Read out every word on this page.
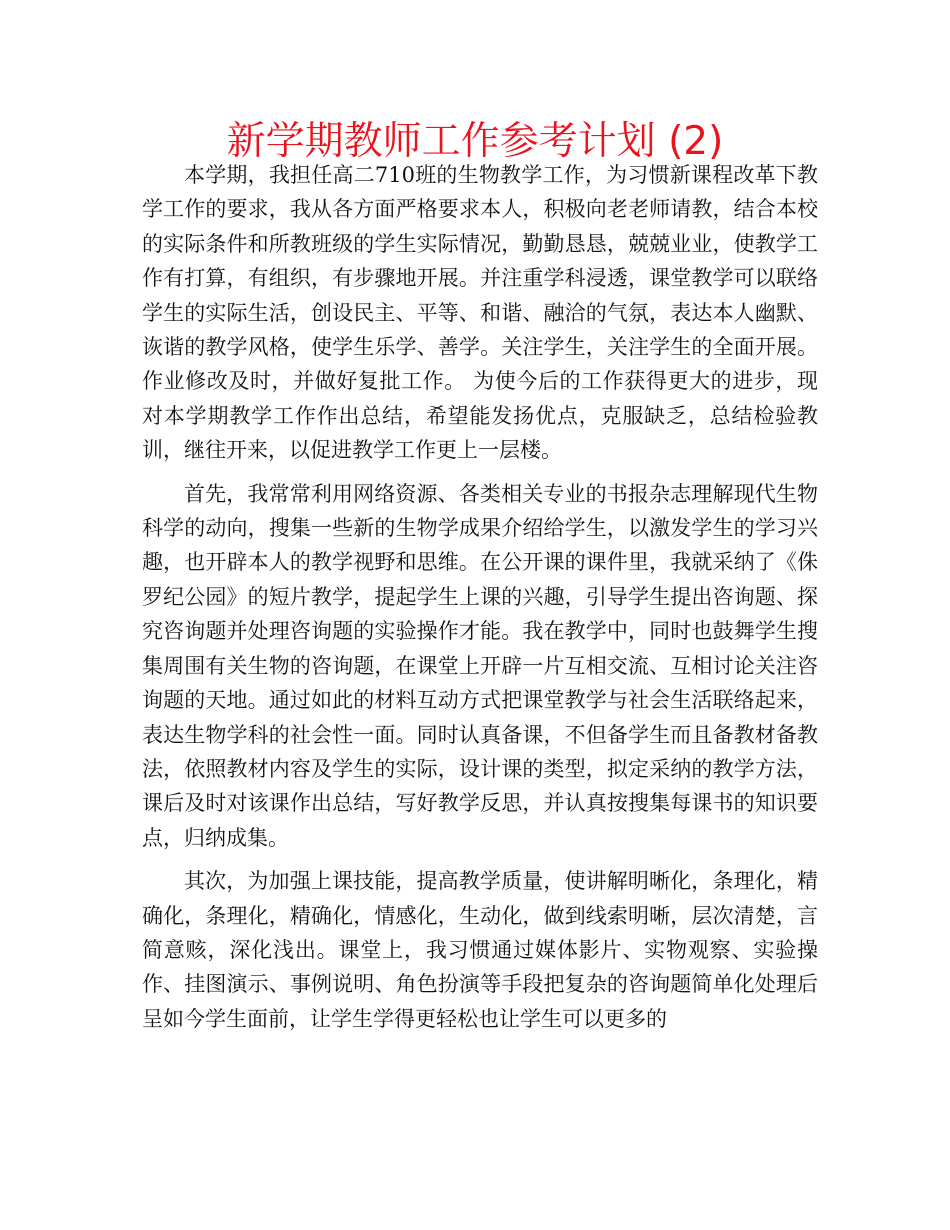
新学期教师工作参考计划 (2)

本学期，我担任高二710班的生物教学工作，为习惯新课程改革下教学工作的要求，我从各方面严格要求本人，积极向老老师请教，结合本校的实际条件和所教班级的学生实际情况，勤勤恳恳，兢兢业业，使教学工作有打算，有组织，有步骤地开展。并注重学科浸透，课堂教学可以联络学生的实际生活，创设民主、平等、和谐、融洽的气氛，表达本人幽默、诙谐的教学风格，使学生乐学、善学。关注学生，关注学生的全面开展。作业修改及时，并做好复批工作。 为使今后的工作获得更大的进步，现对本学期教学工作作出总结，希望能发扬优点，克服缺乏，总结检验教训，继往开来，以促进教学工作更上一层楼。

首先，我常常利用网络资源、各类相关专业的书报杂志理解现代生物科学的动向，搜集一些新的生物学成果介绍给学生，以激发学生的学习兴趣，也开辟本人的教学视野和思维。在公开课的课件里，我就采纳了《侏罗纪公园》的短片教学，提起学生上课的兴趣，引导学生提出咨询题、探究咨询题并处理咨询题的实验操作才能。我在教学中，同时也鼓舞学生搜集周围有关生物的咨询题，在课堂上开辟一片互相交流、互相讨论关注咨询题的天地。通过如此的材料互动方式把课堂教学与社会生活联络起来，表达生物学科的社会性一面。同时认真备课，不但备学生而且备教材备教法，依照教材内容及学生的实际，设计课的类型，拟定采纳的教学方法，课后及时对该课作出总结，写好教学反思，并认真按搜集每课书的知识要点，归纳成集。

其次，为加强上课技能，提高教学质量，使讲解明晰化，条理化，精确化，条理化，精确化，情感化，生动化，做到线索明晰，层次清楚，言简意赅，深化浅出。课堂上，我习惯通过媒体影片、实物观察、实验操作、挂图演示、事例说明、角色扮演等手段把复杂的咨询题简单化处理后呈如今学生面前，让学生学得更轻松也让学生可以更多的
